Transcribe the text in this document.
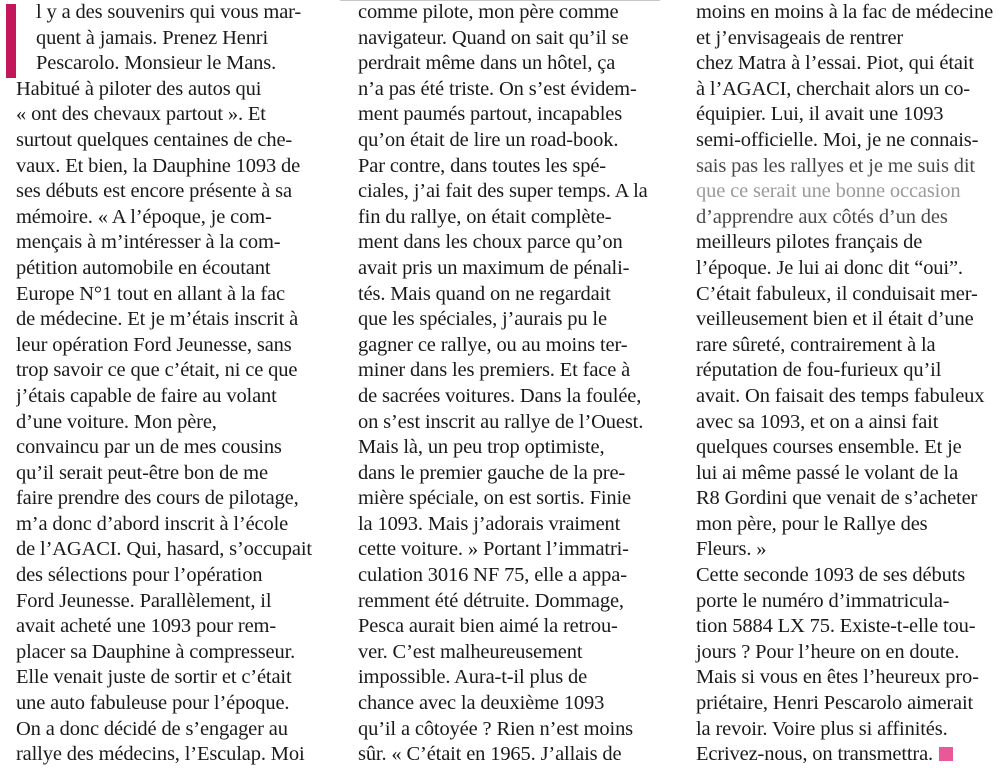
l y a des souvenirs qui vous mar-
quent à jamais. Prenez Henri
Pescarolo. Monsieur le Mans.
Habitué à piloter des autos qui
« ont des chevaux partout ». Et
surtout quelques centaines de che-
vaux. Et bien, la Dauphine 1093 de
ses débuts est encore présente à sa
mémoire. « A l’époque, je com-
mençais à m’intéresser à la com-
pétition automobile en écoutant
Europe N°1 tout en allant à la fac
de médecine. Et je m’étais inscrit à
leur opération Ford Jeunesse, sans
trop savoir ce que c’était, ni ce que
j’étais capable de faire au volant
d’une voiture. Mon père,
convaincu par un de mes cousins
qu’il serait peut-être bon de me
faire prendre des cours de pilotage,
m’a donc d’abord inscrit à l’école
de l’AGACI. Qui, hasard, s’occupait
des sélections pour l’opération
Ford Jeunesse. Parallèlement, il
avait acheté une 1093 pour rem-
placer sa Dauphine à compresseur.
Elle venait juste de sortir et c’était
une auto fabuleuse pour l’époque.
On a donc décidé de s’engager au
rallye des médecins, l’Esculap. Moi
comme pilote, mon père comme
navigateur. Quand on sait qu’il se
perdrait même dans un hôtel, ça
n’a pas été triste. On s’est évidem-
ment paumés partout, incapables
qu’on était de lire un road-book.
Par contre, dans toutes les spé-
ciales, j’ai fait des super temps. A la
fin du rallye, on était complète-
ment dans les choux parce qu’on
avait pris un maximum de pénali-
tés. Mais quand on ne regardait
que les spéciales, j’aurais pu le
gagner ce rallye, ou au moins ter-
miner dans les premiers. Et face à
de sacrées voitures. Dans la foulée,
on s’est inscrit au rallye de l’Ouest.
Mais là, un peu trop optimiste,
dans le premier gauche de la pre-
mière spéciale, on est sortis. Finie
la 1093. Mais j’adorais vraiment
cette voiture. » Portant l’immatri-
culation 3016 NF 75, elle a appa-
remment été détruite. Dommage,
Pesca aurait bien aimé la retrou-
ver. C’est malheureusement
impossible. Aura-t-il plus de
chance avec la deuxième 1093
qu’il a côtoyée ? Rien n’est moins
sûr. « C’était en 1965. J’allais de
moins en moins à la fac de médecine
et j’envisageais de rentrer
chez Matra à l’essai. Piot, qui était
à l’AGACI, cherchait alors un co-
équipier. Lui, il avait une 1093
semi-officielle. Moi, je ne connais-
sais pas les rallyes et je me suis dit
que ce serait une bonne occasion
d’apprendre aux côtés d’un des
meilleurs pilotes français de
l’époque. Je lui ai donc dit “oui”.
C’était fabuleux, il conduisait mer-
veilleusement bien et il était d’une
rare sûreté, contrairement à la
réputation de fou-furieux qu’il
avait. On faisait des temps fabuleux
avec sa 1093, et on a ainsi fait
quelques courses ensemble. Et je
lui ai même passé le volant de la
R8 Gordini que venait de s’acheter
mon père, pour le Rallye des
Fleurs. »
Cette seconde 1093 de ses débuts
porte le numéro d’immatricula-
tion 5884 LX 75. Existe-t-elle tou-
jours ? Pour l’heure on en doute.
Mais si vous en êtes l’heureux pro-
priétaire, Henri Pescarolo aimerait
la revoir. Voire plus si affinités.
Ecrivez-nous, on transmettra.
